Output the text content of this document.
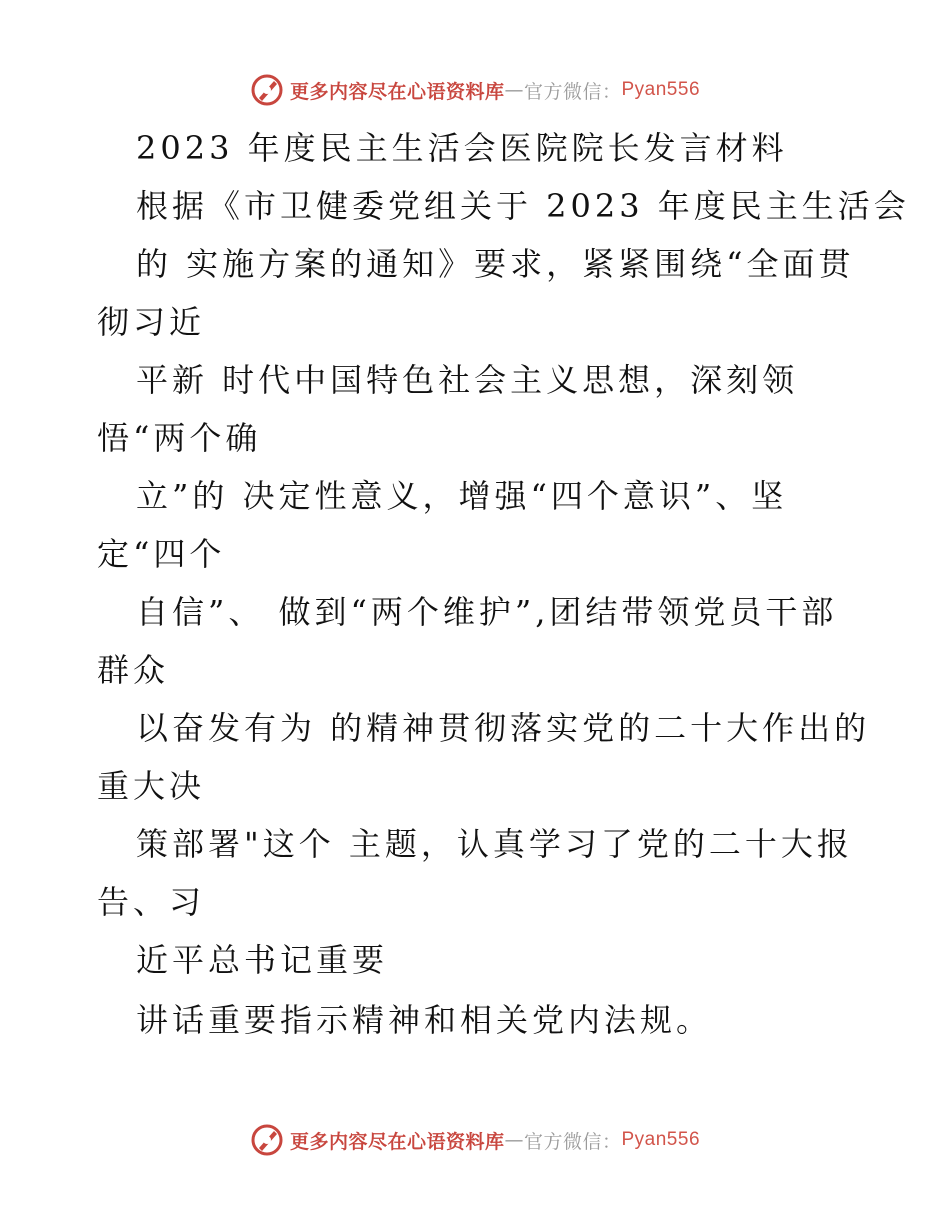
更多内容尽在心语资料库 — 官方微信： Pyan556
2023 年度民主生活会医院院长发言材料
根据《市卫健委党组关于 2023 年度民主生活会
的 实施方案的通知》要求，紧紧围绕“全面贯
彻习近
平新 时代中国特色社会主义思想，深刻领
悟“两个确
立”的 决定性意义，增强“四个意识”、坚
定“四个
自信”、 做到“两个维护”,团结带领党员干部
群众
以奋发有为 的精神贯彻落实党的二十大作出的
重大决
策部署"这个 主题，认真学习了党的二十大报
告、习
近平总书记重要
讲话重要指示精神和相关党内法规。
更多内容尽在心语资料库 — 官方微信： Pyan556
